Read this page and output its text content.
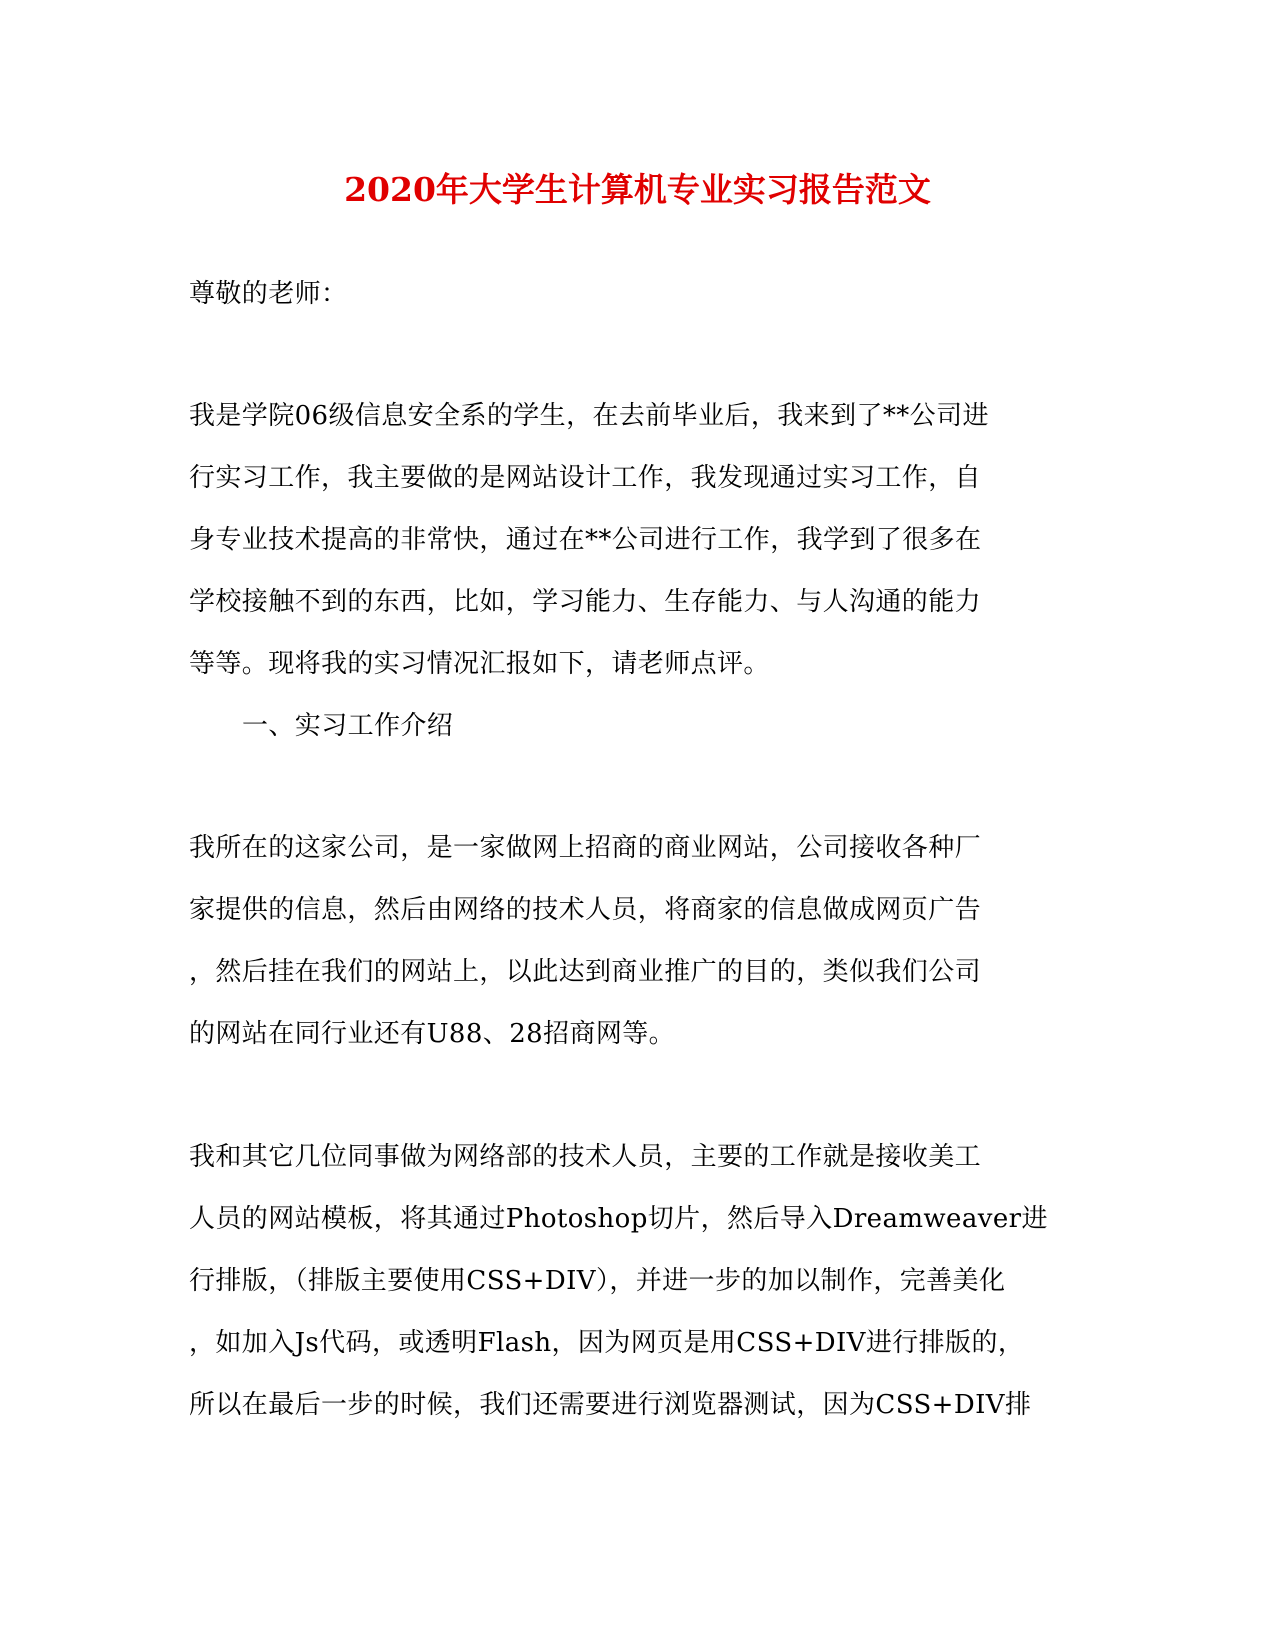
2020年大学生计算机专业实习报告范文
尊敬的老师：
我是学院06级信息安全系的学生，在去前毕业后，我来到了**公司进
行实习工作，我主要做的是网站设计工作，我发现通过实习工作，自
身专业技术提高的非常快，通过在**公司进行工作，我学到了很多在
学校接触不到的东西，比如，学习能力、生存能力、与人沟通的能力
等等。现将我的实习情况汇报如下，请老师点评。
一、实习工作介绍
我所在的这家公司，是一家做网上招商的商业网站，公司接收各种厂
家提供的信息，然后由网络的技术人员，将商家的信息做成网页广告
，然后挂在我们的网站上，以此达到商业推广的目的，类似我们公司
的网站在同行业还有U88、28招商网等。
我和其它几位同事做为网络部的技术人员，主要的工作就是接收美工
人员的网站模板，将其通过Photoshop切片，然后导入Dreamweaver进
行排版，（排版主要使用CSS+DIV），并进一步的加以制作，完善美化
，如加入Js代码，或透明Flash，因为网页是用CSS+DIV进行排版的，
所以在最后一步的时候，我们还需要进行浏览器测试，因为CSS+DIV排
